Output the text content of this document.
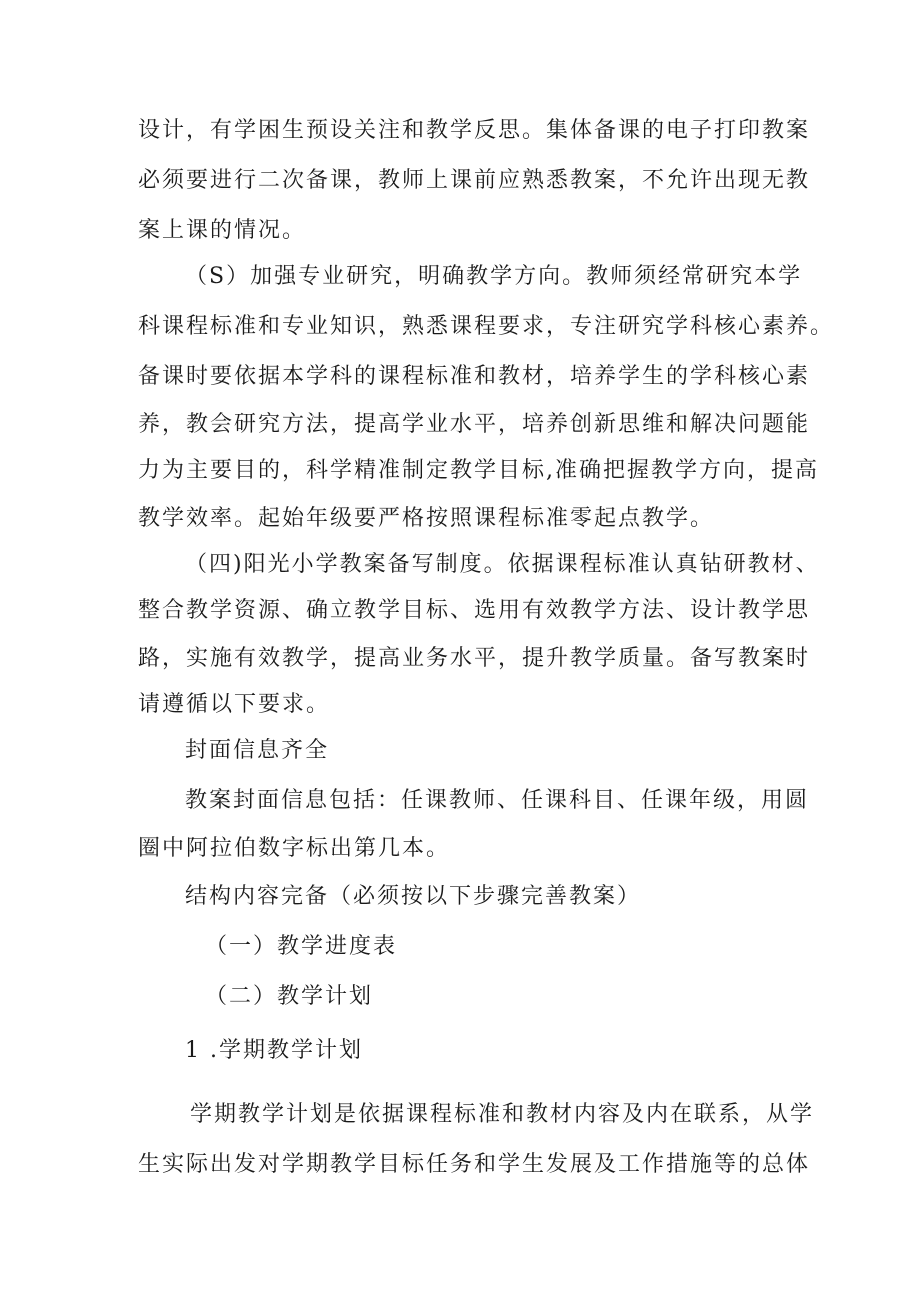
设计，有学困生预设关注和教学反思。集体备课的电子打印教案
必须要进行二次备课，教师上课前应熟悉教案，不允许出现无教
案上课的情况。
（S）加强专业研究，明确教学方向。教师须经常研究本学
科课程标准和专业知识，熟悉课程要求，专注研究学科核心素养。
备课时要依据本学科的课程标准和教材，培养学生的学科核心素
养，教会研究方法，提高学业水平，培养创新思维和解决问题能
力为主要目的，科学精准制定教学目标,准确把握教学方向，提高
教学效率。起始年级要严格按照课程标准零起点教学。
（四)阳光小学教案备写制度。依据课程标准认真钻研教材、
整合教学资源、确立教学目标、选用有效教学方法、设计教学思
路，实施有效教学，提高业务水平，提升教学质量。备写教案时
请遵循以下要求。
封面信息齐全
教案封面信息包括：任课教师、任课科目、任课年级，用圆
圈中阿拉伯数字标出第几本。
结构内容完备（必须按以下步骤完善教案）
（一）教学进度表
（二）教学计划
1 .学期教学计划
学期教学计划是依据课程标准和教材内容及内在联系，从学
生实际出发对学期教学目标任务和学生发展及工作措施等的总体
